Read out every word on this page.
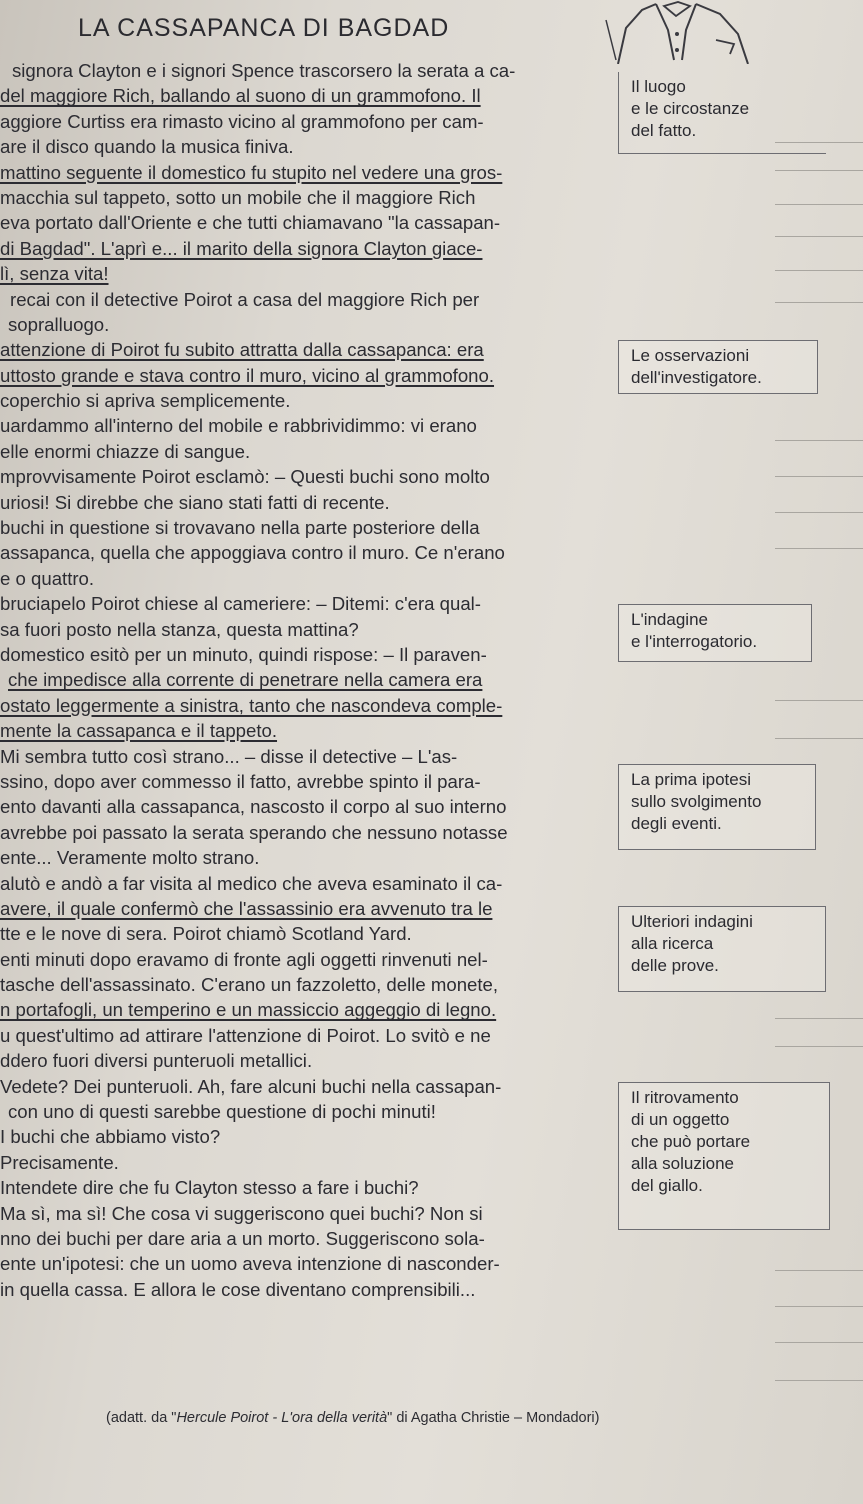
LA CASSAPANCA DI BAGDAD
signora Clayton e i signori Spence trascorsero la serata a ca-
del maggiore Rich, ballando al suono di un grammofono. Il
aggiore Curtiss era rimasto vicino al grammofono per cam-
are il disco quando la musica finiva.
mattino seguente il domestico fu stupito nel vedere una gros-
macchia sul tappeto, sotto un mobile che il maggiore Rich
eva portato dall'Oriente e che tutti chiamavano "la cassapan-
di Bagdad". L'aprì e... il marito della signora Clayton giace-
lì, senza vita!
recai con il detective Poirot a casa del maggiore Rich per
sopralluogo.
attenzione di Poirot fu subito attratta dalla cassapanca: era
uttosto grande e stava contro il muro, vicino al grammofono.
coperchio si apriva semplicemente.
uardammo all'interno del mobile e rabbrividimmo: vi erano
elle enormi chiazze di sangue.
mprovvisamente Poirot esclamò: – Questi buchi sono molto
uriosi! Si direbbe che siano stati fatti di recente.
buchi in questione si trovavano nella parte posteriore della
assapanca, quella che appoggiava contro il muro. Ce n'erano
e o quattro.
bruciapelo Poirot chiese al cameriere: – Ditemi: c'era qual-
sa fuori posto nella stanza, questa mattina?
domestico esitò per un minuto, quindi rispose: – Il paraven-
che impedisce alla corrente di penetrare nella camera era
ostato leggermente a sinistra, tanto che nascondeva comple-
mente la cassapanca e il tappeto.
Mi sembra tutto così strano... – disse il detective – L'as-
ssino, dopo aver commesso il fatto, avrebbe spinto il para-
ento davanti alla cassapanca, nascosto il corpo al suo interno
avrebbe poi passato la serata sperando che nessuno notasse
ente... Veramente molto strano.
alutò e andò a far visita al medico che aveva esaminato il ca-
avere, il quale confermò che l'assassinio era avvenuto tra le
tte e le nove di sera. Poirot chiamò Scotland Yard.
enti minuti dopo eravamo di fronte agli oggetti rinvenuti nel-
tasche dell'assassinato. C'erano un fazzoletto, delle monete,
n portafogli, un temperino e un massiccio aggeggio di legno.
u quest'ultimo ad attirare l'attenzione di Poirot. Lo svitò e ne
ddero fuori diversi punteruoli metallici.
Vedete? Dei punteruoli. Ah, fare alcuni buchi nella cassapan-
con uno di questi sarebbe questione di pochi minuti!
I buchi che abbiamo visto?
Precisamente.
Intendete dire che fu Clayton stesso a fare i buchi?
Ma sì, ma sì! Che cosa vi suggeriscono quei buchi? Non si
nno dei buchi per dare aria a un morto. Suggeriscono sola-
ente un'ipotesi: che un uomo aveva intenzione di nasconder-
in quella cassa. E allora le cose diventano comprensibili...
(adatt. da "Hercule Poirot - L'ora della verità" di Agatha Christie – Mondadori)
Il luogo
e le circostanze
del fatto.
Le osservazioni
dell'investigatore.
L'indagine
e l'interrogatorio.
La prima ipotesi
sullo svolgimento
degli eventi.
Ulteriori indagini
alla ricerca
delle prove.
Il ritrovamento
di un oggetto
che può portare
alla soluzione
del giallo.
